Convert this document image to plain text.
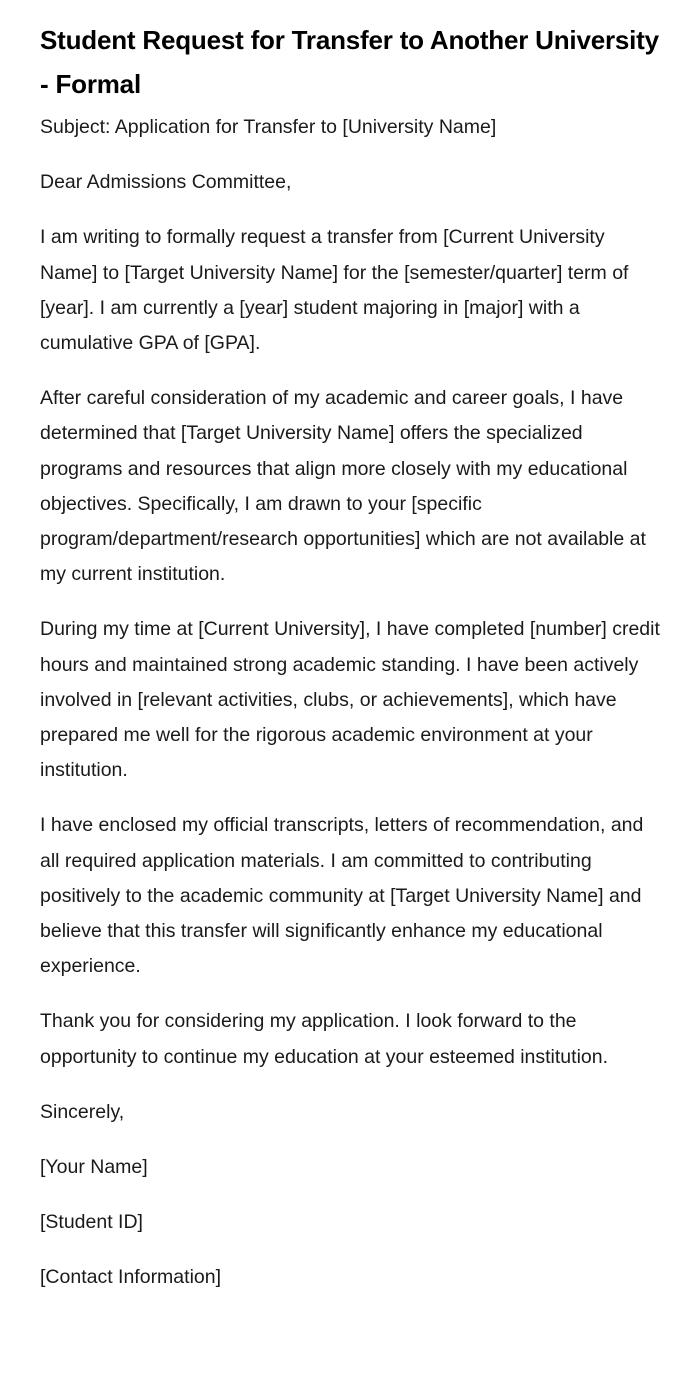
Student Request for Transfer to Another University - Formal

Subject: Application for Transfer to [University Name]

Dear Admissions Committee,

I am writing to formally request a transfer from [Current University Name] to [Target University Name] for the [semester/quarter] term of [year]. I am currently a [year] student majoring in [major] with a cumulative GPA of [GPA].

After careful consideration of my academic and career goals, I have determined that [Target University Name] offers the specialized programs and resources that align more closely with my educational objectives. Specifically, I am drawn to your [specific program/department/research opportunities] which are not available at my current institution.

During my time at [Current University], I have completed [number] credit hours and maintained strong academic standing. I have been actively involved in [relevant activities, clubs, or achievements], which have prepared me well for the rigorous academic environment at your institution.

I have enclosed my official transcripts, letters of recommendation, and all required application materials. I am committed to contributing positively to the academic community at [Target University Name] and believe that this transfer will significantly enhance my educational experience.

Thank you for considering my application. I look forward to the opportunity to continue my education at your esteemed institution.

Sincerely,

[Your Name]

[Student ID]

[Contact Information]
